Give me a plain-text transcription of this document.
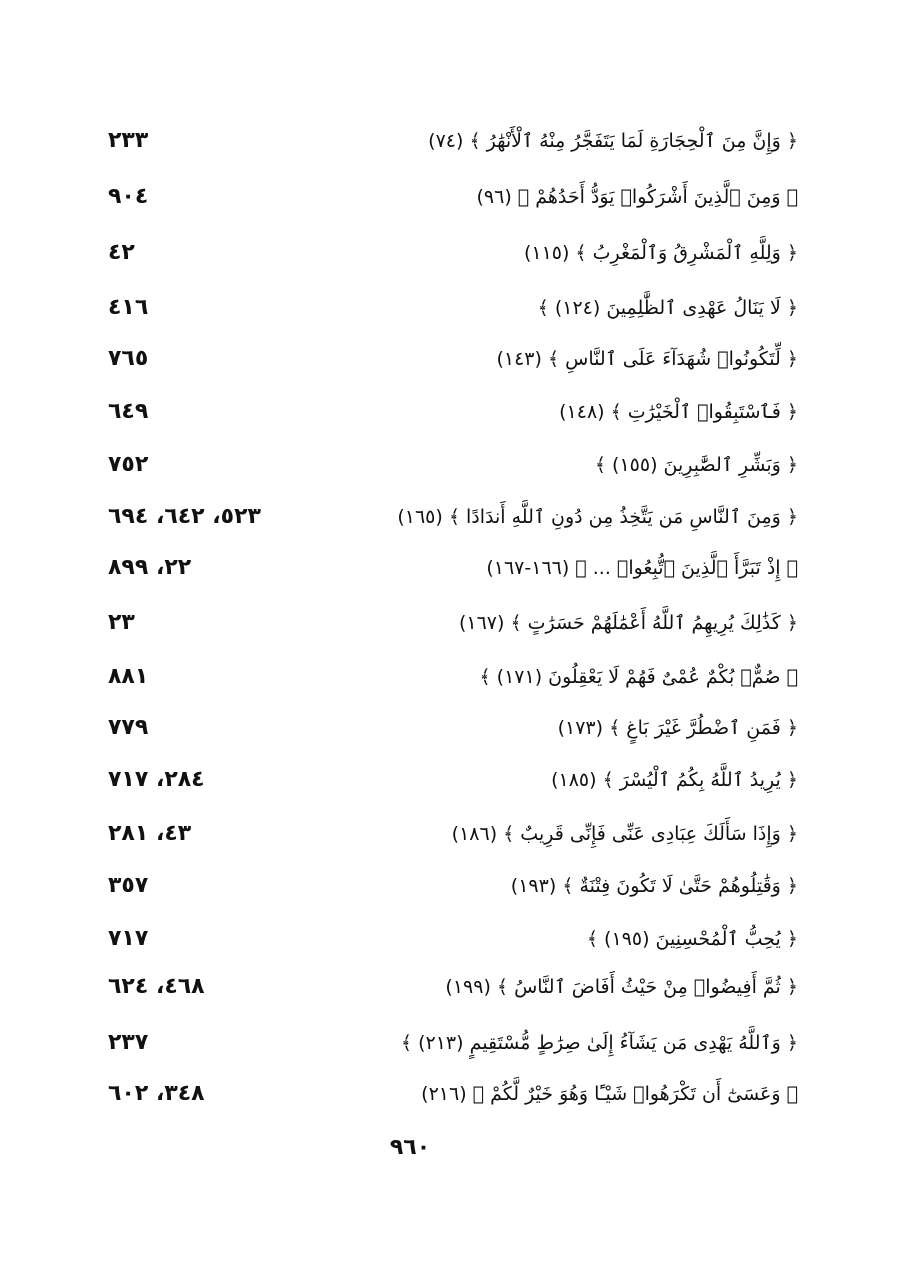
٢٣٣	﴿ وَإِنَّ مِنَ ٱلْحِجَارَةِ لَمَا يَتَفَجَّرُ مِنْهُ ٱلْأَنْهَٰرُ ﴾ (٧٤)
٩٠٤	﴿ وَمِنَ ٱلَّذِينَ أَشْرَكُوا۟ يَوَدُّ أَحَدُهُمْ ﴾ (٩٦)
٤٢	﴿ وَلِلَّهِ ٱلْمَشْرِقُ وَٱلْمَغْرِبُ ﴾ (١١٥)
٤١٦	﴿ لَا يَنَالُ عَهْدِى ٱلظَّٰلِمِينَ (١٢٤) ﴾
٧٦٥	﴿ لِّتَكُونُوا۟ شُهَدَآءَ عَلَى ٱلنَّاسِ ﴾ (١٤٣)
٦٤٩	﴿ فَٱسْتَبِقُوا۟ ٱلْخَيْرَٰتِ ﴾ (١٤٨)
٧٥٢	﴿ وَبَشِّرِ ٱلصَّٰبِرِينَ (١٥٥) ﴾
٥٢٣، ٦٤٢، ٦٩٤	﴿ وَمِنَ ٱلنَّاسِ مَن يَتَّخِذُ مِن دُونِ ٱللَّهِ أَندَادًا ﴾ (١٦٥)
٢٢، ٨٩٩	﴿ إِذْ تَبَرَّأَ ٱلَّذِينَ ٱتُّبِعُوا۟ ... ﴾ (١٦٦-١٦٧)
٢٣	﴿ كَذَٰلِكَ يُرِيهِمُ ٱللَّهُ أَعْمَٰلَهُمْ حَسَرَٰتٍ ﴾ (١٦٧)
٨٨١	﴿ صُمٌّۢ بُكْمٌ عُمْىٌ فَهُمْ لَا يَعْقِلُونَ (١٧١) ﴾
٧٧٩	﴿ فَمَنِ ٱضْطُرَّ غَيْرَ بَاغٍ ﴾ (١٧٣)
٢٨٤، ٧١٧	﴿ يُرِيدُ ٱللَّهُ بِكُمُ ٱلْيُسْرَ ﴾ (١٨٥)
٤٣، ٢٨١	﴿ وَإِذَا سَأَلَكَ عِبَادِى عَنِّى فَإِنِّى قَرِيبٌ ﴾ (١٨٦)
٣٥٧	﴿ وَقَٰتِلُوهُمْ حَتَّىٰ لَا تَكُونَ فِتْنَةٌ ﴾ (١٩٣)
٧١٧	﴿ يُحِبُّ ٱلْمُحْسِنِينَ (١٩٥) ﴾
٤٦٨، ٦٢٤	﴿ ثُمَّ أَفِيضُوا۟ مِنْ حَيْثُ أَفَاضَ ٱلنَّاسُ ﴾ (١٩٩)
٢٣٧	﴿ وَٱللَّهُ يَهْدِى مَن يَشَآءُ إِلَىٰ صِرَٰطٍ مُّسْتَقِيمٍ (٢١٣) ﴾
٣٤٨، ٦٠٢	﴿ وَعَسَىٰٓ أَن تَكْرَهُوا۟ شَيْـًٔا وَهُوَ خَيْرٌ لَّكُمْ ﴾ (٢١٦)
٩٦٠
